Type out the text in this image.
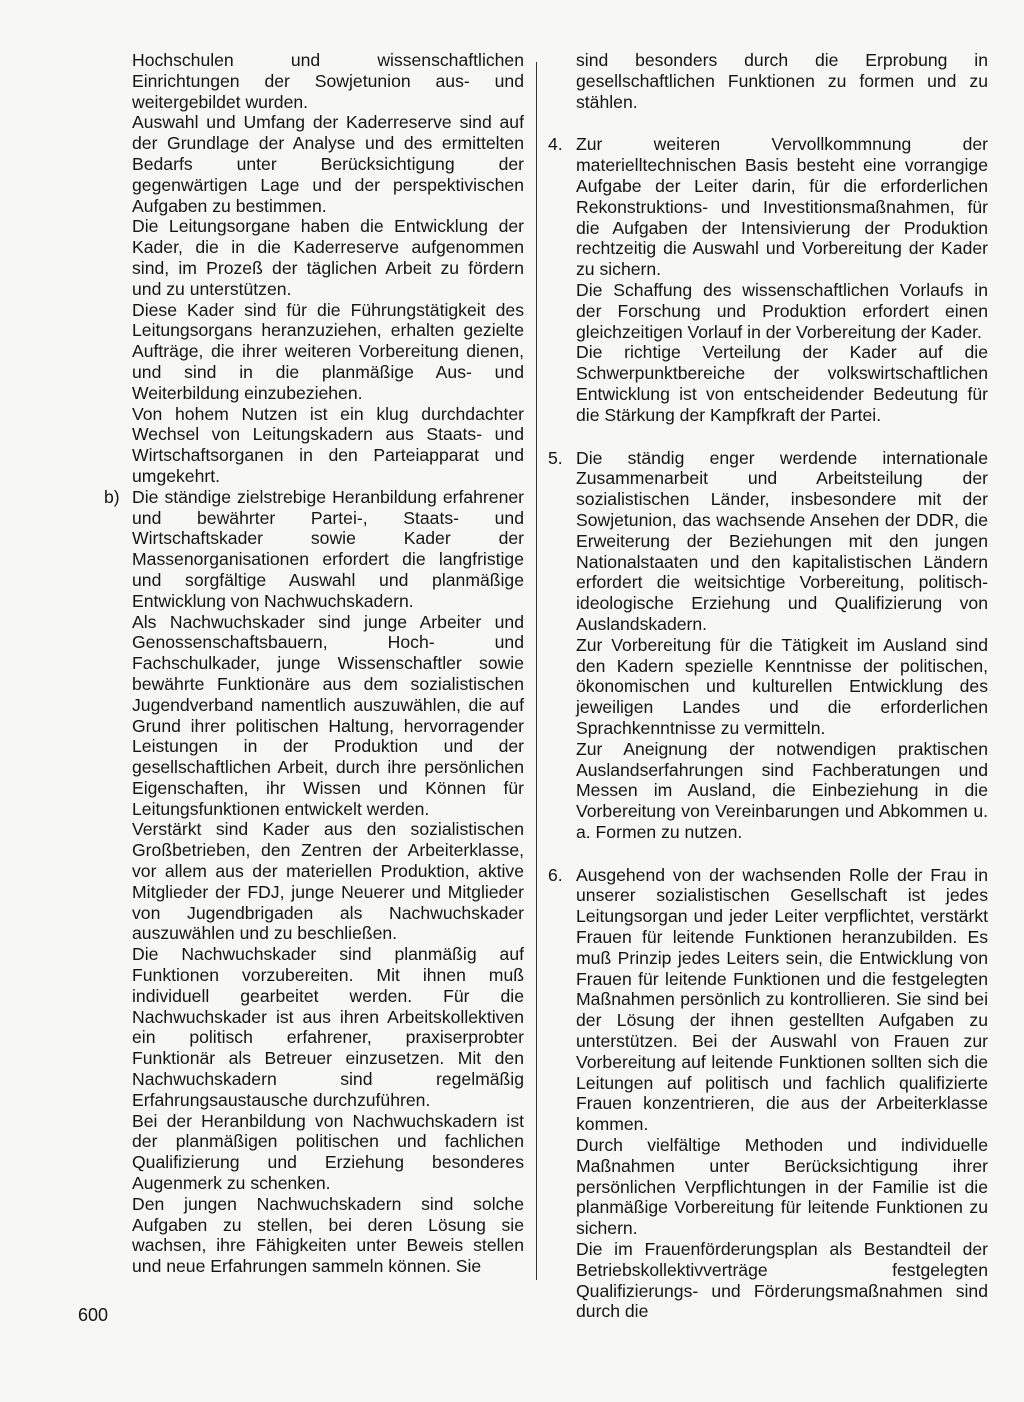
Hochschulen und wissenschaftlichen Einrichtungen der Sowjetunion aus- und weitergebildet wurden.

Auswahl und Umfang der Kaderreserve sind auf der Grundlage der Analyse und des ermittelten Bedarfs unter Berücksichtigung der gegenwärtigen Lage und der perspektivischen Aufgaben zu bestimmen.

Die Leitungsorgane haben die Entwicklung der Kader, die in die Kaderreserve aufgenommen sind, im Prozeß der täglichen Arbeit zu fördern und zu unterstützen.

Diese Kader sind für die Führungstätigkeit des Leitungsorgans heranzuziehen, erhalten gezielte Aufträge, die ihrer weiteren Vorbereitung dienen, und sind in die planmäßige Aus- und Weiterbildung einzubeziehen.

Von hohem Nutzen ist ein klug durchdachter Wechsel von Leitungskadern aus Staats- und Wirtschaftsorganen in den Parteiapparat und umgekehrt.

b) Die ständige zielstrebige Heranbildung erfahrener und bewährter Partei-, Staats- und Wirtschaftskader sowie Kader der Massenorganisationen erfordert die langfristige und sorgfältige Auswahl und planmäßige Entwicklung von Nachwuchskadern.

Als Nachwuchskader sind junge Arbeiter und Genossenschaftsbauern, Hoch- und Fachschulkader, junge Wissenschaftler sowie bewährte Funktionäre aus dem sozialistischen Jugendverband namentlich auszuwählen, die auf Grund ihrer politischen Haltung, hervorragender Leistungen in der Produktion und der gesellschaftlichen Arbeit, durch ihre persönlichen Eigenschaften, ihr Wissen und Können für Leitungsfunktionen entwickelt werden.

Verstärkt sind Kader aus den sozialistischen Großbetrieben, den Zentren der Arbeiterklasse, vor allem aus der materiellen Produktion, aktive Mitglieder der FDJ, junge Neuerer und Mitglieder von Jugendbrigaden als Nachwuchskader auszuwählen und zu beschließen.

Die Nachwuchskader sind planmäßig auf Funktionen vorzubereiten. Mit ihnen muß individuell gearbeitet werden. Für die Nachwuchskader ist aus ihren Arbeitskollektiven ein politisch erfahrener, praxiserprobter Funktionär als Betreuer einzusetzen. Mit den Nachwuchskadern sind regelmäßig Erfahrungsaustausche durchzuführen.

Bei der Heranbildung von Nachwuchskadern ist der planmäßigen politischen und fachlichen Qualifizierung und Erziehung besonderes Augenmerk zu schenken.

Den jungen Nachwuchskadern sind solche Aufgaben zu stellen, bei deren Lösung sie wachsen, ihre Fähigkeiten unter Beweis stellen und neue Erfahrungen sammeln können. Sie

sind besonders durch die Erprobung in gesellschaftlichen Funktionen zu formen und zu stählen.

4. Zur weiteren Vervollkommnung der materielltechnischen Basis besteht eine vorrangige Aufgabe der Leiter darin, für die erforderlichen Rekonstruktions- und Investitionsmaßnahmen, für die Aufgaben der Intensivierung der Produktion rechtzeitig die Auswahl und Vorbereitung der Kader zu sichern.

Die Schaffung des wissenschaftlichen Vorlaufs in der Forschung und Produktion erfordert einen gleichzeitigen Vorlauf in der Vorbereitung der Kader.

Die richtige Verteilung der Kader auf die Schwerpunktbereiche der volkswirtschaftlichen Entwicklung ist von entscheidender Bedeutung für die Stärkung der Kampfkraft der Partei.

5. Die ständig enger werdende internationale Zusammenarbeit und Arbeitsteilung der sozialistischen Länder, insbesondere mit der Sowjetunion, das wachsende Ansehen der DDR, die Erweiterung der Beziehungen mit den jungen Nationalstaaten und den kapitalistischen Ländern erfordert die weitsichtige Vorbereitung, politisch-ideologische Erziehung und Qualifizierung von Auslandskadern.

Zur Vorbereitung für die Tätigkeit im Ausland sind den Kadern spezielle Kenntnisse der politischen, ökonomischen und kulturellen Entwicklung des jeweiligen Landes und die erforderlichen Sprachkenntnisse zu vermitteln.

Zur Aneignung der notwendigen praktischen Auslandserfahrungen sind Fachberatungen und Messen im Ausland, die Einbeziehung in die Vorbereitung von Vereinbarungen und Abkommen u. a. Formen zu nutzen.

6. Ausgehend von der wachsenden Rolle der Frau in unserer sozialistischen Gesellschaft ist jedes Leitungsorgan und jeder Leiter verpflichtet, verstärkt Frauen für leitende Funktionen heranzubilden. Es muß Prinzip jedes Leiters sein, die Entwicklung von Frauen für leitende Funktionen und die festgelegten Maßnahmen persönlich zu kontrollieren. Sie sind bei der Lösung der ihnen gestellten Aufgaben zu unterstützen. Bei der Auswahl von Frauen zur Vorbereitung auf leitende Funktionen sollten sich die Leitungen auf politisch und fachlich qualifizierte Frauen konzentrieren, die aus der Arbeiterklasse kommen.

Durch vielfältige Methoden und individuelle Maßnahmen unter Berücksichtigung ihrer persönlichen Verpflichtungen in der Familie ist die planmäßige Vorbereitung für leitende Funktionen zu sichern.

Die im Frauenförderungsplan als Bestandteil der Betriebskollektivverträge festgelegten Qualifizierungs- und Förderungsmaßnahmen sind durch die

600
